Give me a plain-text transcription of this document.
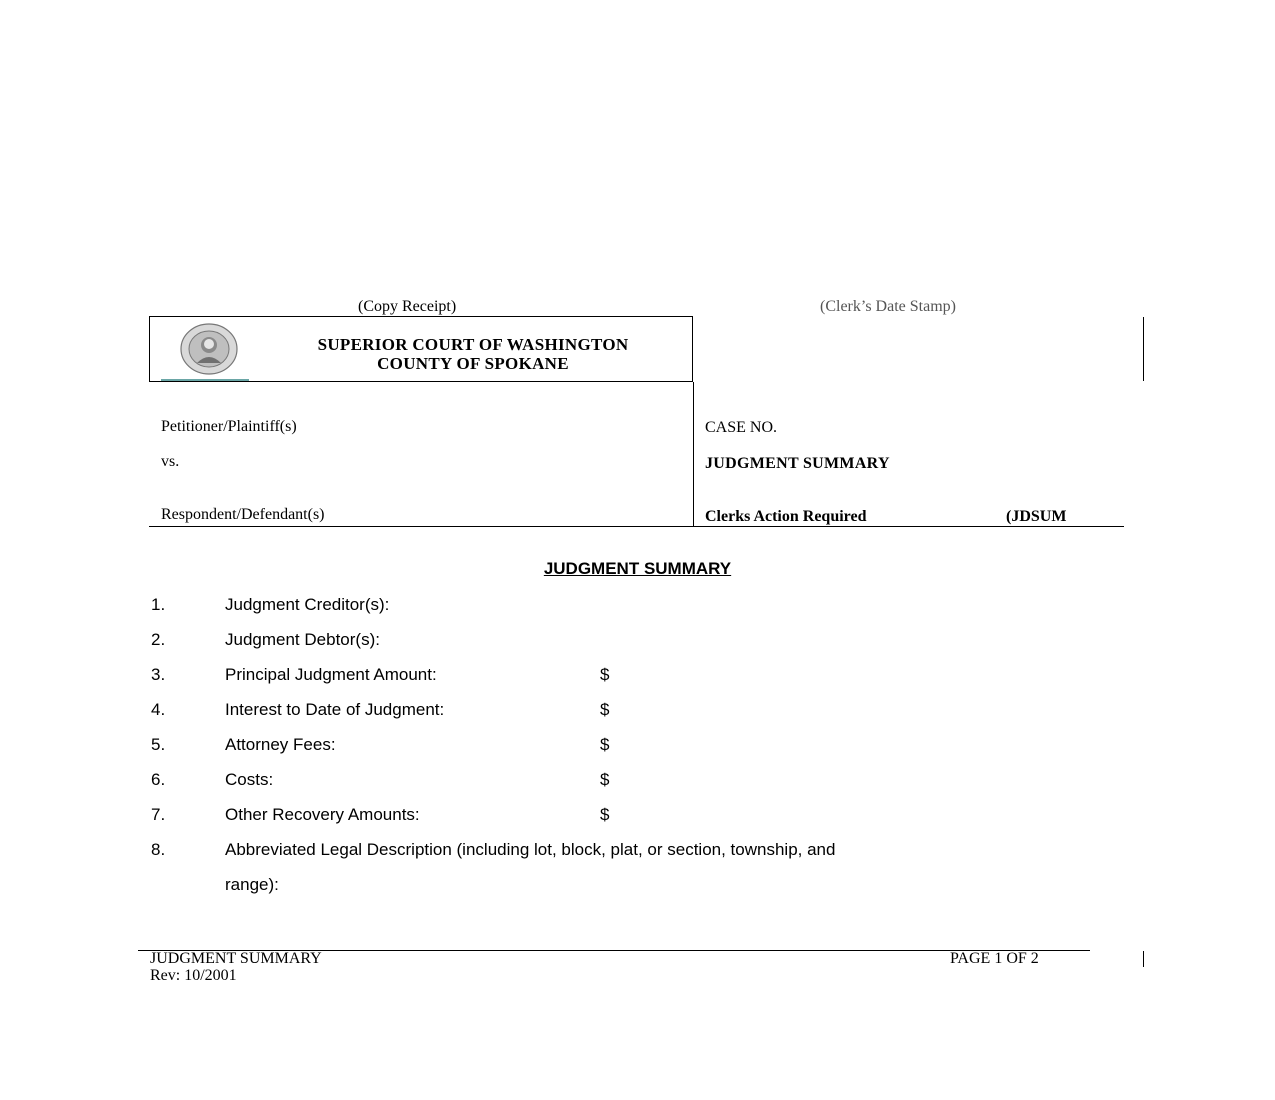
(Copy Receipt)	(Clerk’s Date Stamp)
SUPERIOR COURT OF WASHINGTON
COUNTY OF SPOKANE
Petitioner/Plaintiff(s)
vs.
Respondent/Defendant(s)
CASE NO.
JUDGMENT SUMMARY
Clerks Action Required	(JDSUM
JUDGMENT SUMMARY
1.	Judgment Creditor(s):
2.	Judgment Debtor(s):
3.	Principal Judgment Amount:	$
4.	Interest to Date of Judgment:	$
5.	Attorney Fees:	$
6.	Costs:	$
7.	Other Recovery Amounts:	$
8.	Abbreviated Legal Description (including lot, block, plat, or section, township, and
range):
JUDGMENT SUMMARY
Rev: 10/2001
PAGE 1 OF 2
